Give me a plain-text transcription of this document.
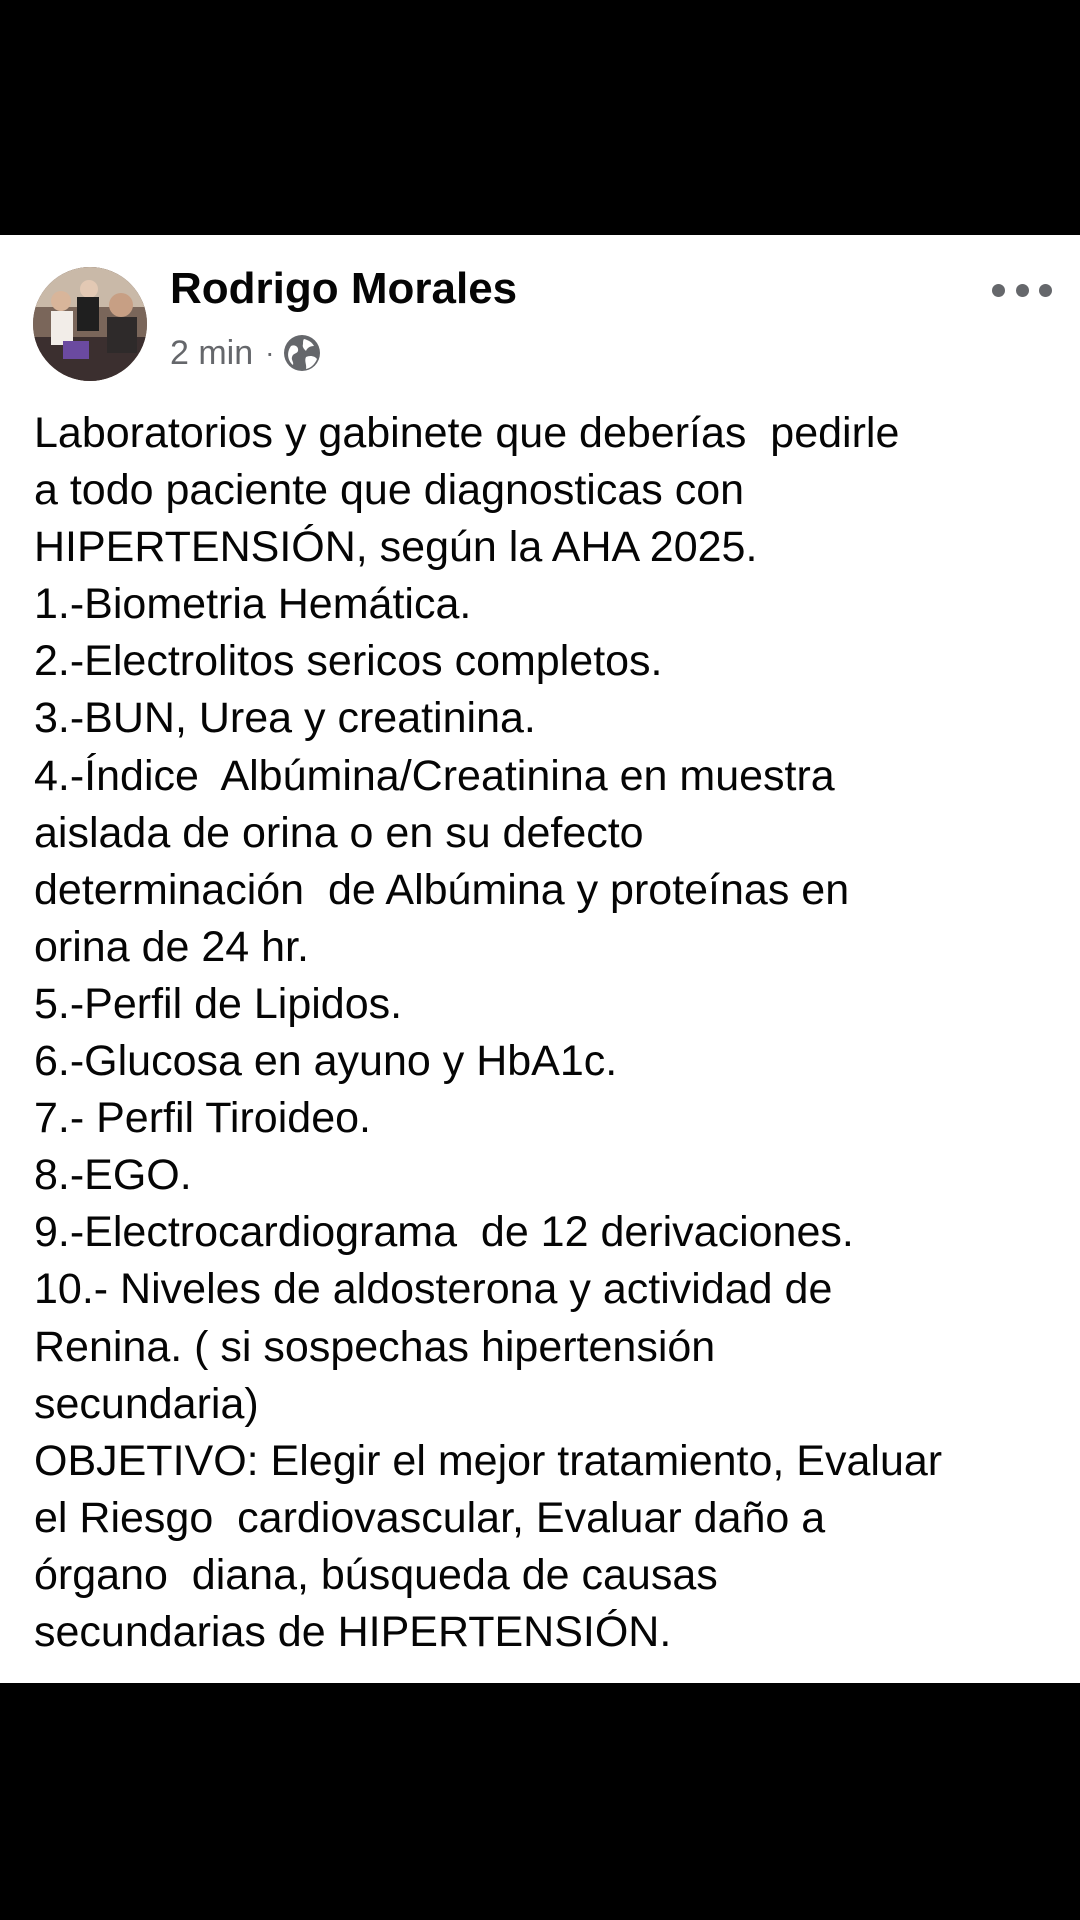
Rodrigo Morales
2 min ·
Laboratorios y gabinete que deberías  pedirle
a todo paciente que diagnosticas con
HIPERTENSIÓN, según la AHA 2025.
1.-Biometria Hemática.
2.-Electrolitos sericos completos.
3.-BUN, Urea y creatinina.
4.-Índice  Albúmina/Creatinina en muestra
aislada de orina o en su defecto
determinación  de Albúmina y proteínas en
orina de 24 hr.
5.-Perfil de Lipidos.
6.-Glucosa en ayuno y HbA1c.
7.- Perfil Tiroideo.
8.-EGO.
9.-Electrocardiograma  de 12 derivaciones.
10.- Niveles de aldosterona y actividad de
Renina. ( si sospechas hipertensión
secundaria)
OBJETIVO: Elegir el mejor tratamiento, Evaluar
el Riesgo  cardiovascular, Evaluar daño a
órgano  diana, búsqueda de causas
secundarias de HIPERTENSIÓN.
